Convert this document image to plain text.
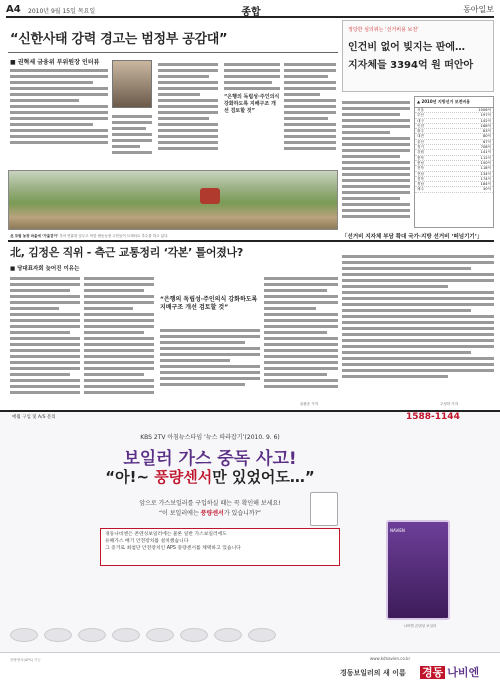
A4 2010년 9월 15일 목요일	종합	동아일보
“신한사태 강력 경고는 범정부 공감대”
■ 권혁세 금융위 부위원장 인터뷰
“은행의 독립성·주인의식 강화하도록 지배구조 개선 검토할 것”
정당한 심의위는 ‘선거비용 보전’
인건비 없어 빚지는 판에…
지자체들 3394억 원 떠안아
▲ 2010년 지방선거 보전비용
서울	1006억
부산	197억
대구	142억
인천	168억
광주	83억
대전	80억
울산	67억
경기	708억
강원	141억
충북	112억
충남	150억
전북	118억
전남	134억
경북	174억
경남	184억
제주	30억
「선거비 지자체 부담 확대 국가·지방 선거비 ‘떠넘기기’」
北 모범 농장 마을에 ‘가을걷이’ 추석 연휴를 앞두고 북한 협동농장 주민들이 트랙터로 추수를 하고 있다.
北, 김정은 직위 - 측근 교통정리 ‘각본’ 틀어졌나?
■ 당대표자회 늦어진 이유는
“은행의 독립성·주인의식 강화하도록 지배구조 개선 검토할 것”
윤완준 기자	주성하 기자
매월 구입 및 A/S 문의	1588-1144
KBS 2TV 아침뉴스타임 ‘뉴스 따라잡기’(2010. 9. 6)
보일러 가스 중독 사고!
“아!~ 풍량센서만 있었어도…”
앞으로 가스보일러를 구입하실 때는 꼭 확인해 보세요!
“이 보일러에는 풍량센서가 있습니까?”
경동나비엔은 콘덴싱보일러에는 물론 일반 가스보일러에도
유해가스 배기 안전장치를 설치했습니다
그 증거로 최첨단 안전장치인 APS 풍량센서를 채택하고 있습니다
NAVIEN
나비엔 콘덴싱 보일러
풍량센서(APS) 기능	www.kdnavien.co.kr
경동보일러의 새 이름 경동 나비엔
